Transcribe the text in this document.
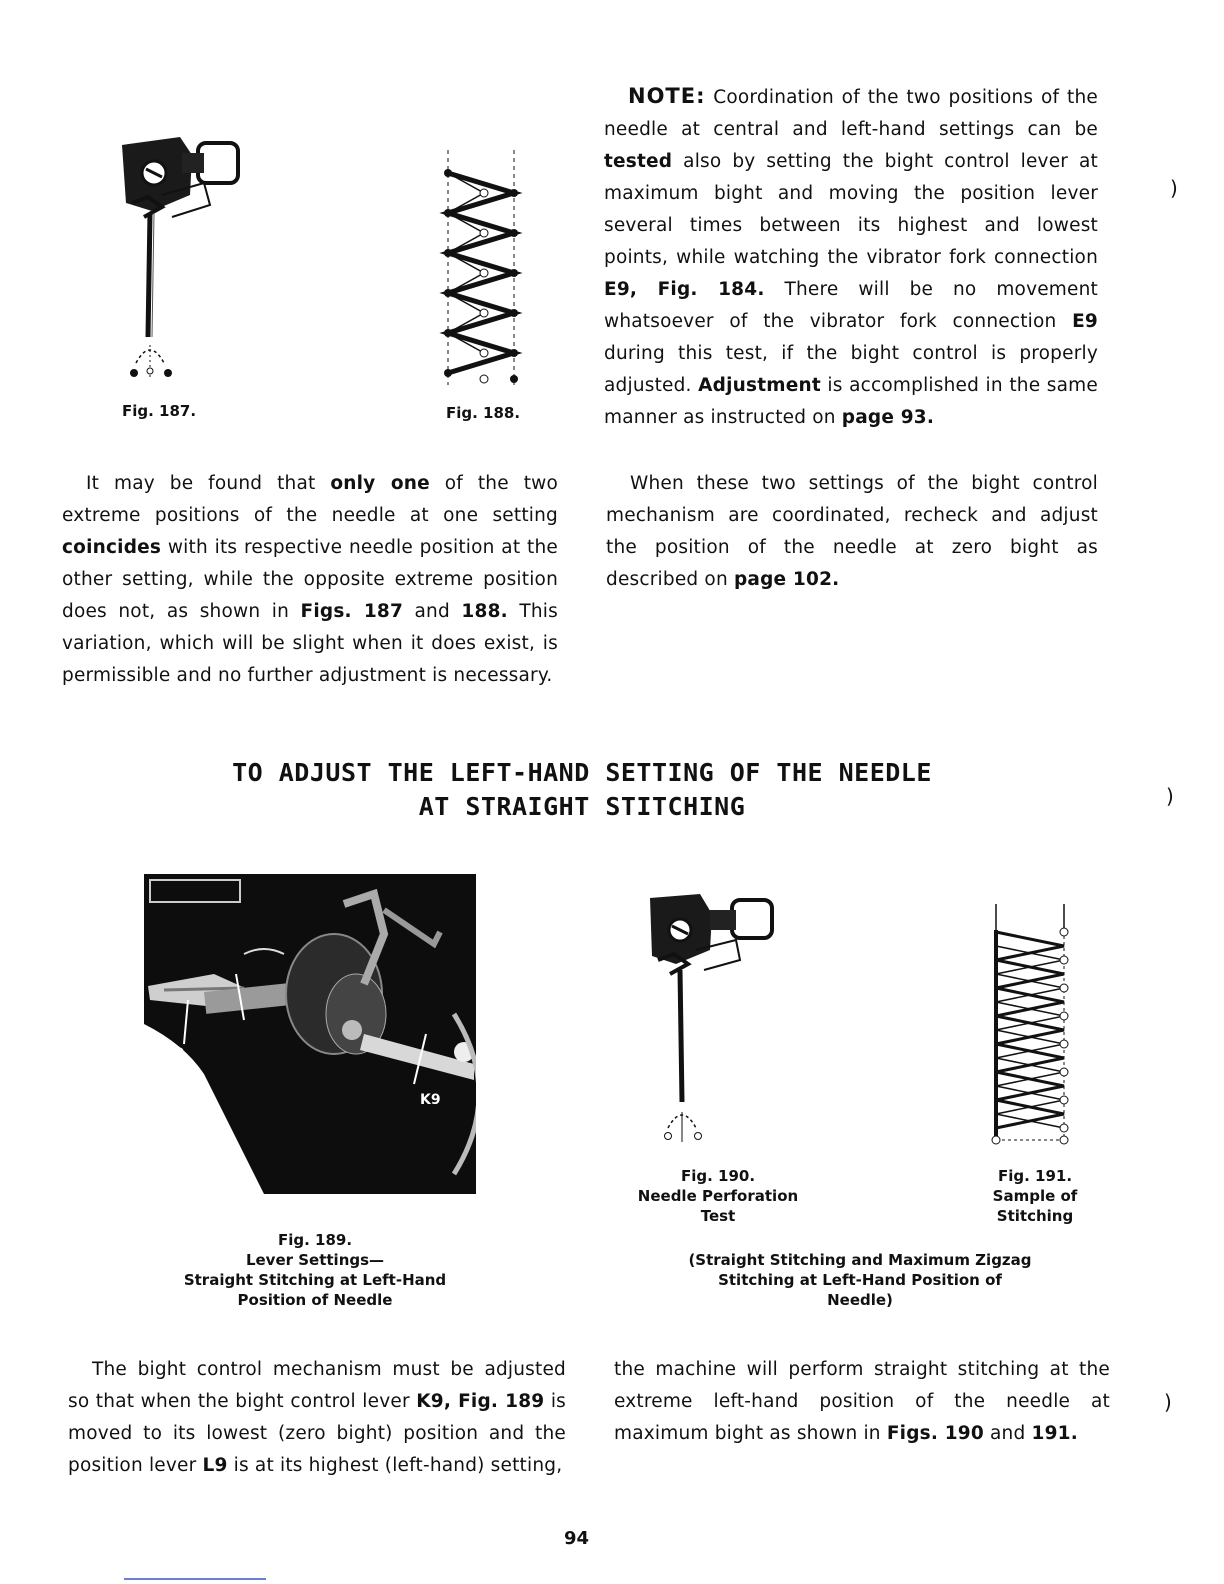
Fig. 187.	Fig. 188.

NOTE: Coordination of the two positions of the needle at central and left-hand settings can be tested also by setting the bight control lever at maximum bight and moving the position lever several times between its highest and lowest points, while watching the vibrator fork connection E9, Fig. 184. There will be no movement whatsoever of the vibrator fork connection E9 during this test, if the bight control is properly adjusted. Adjustment is accomplished in the same manner as instructed on page 93.

It may be found that only one of the two extreme positions of the needle at one setting coincides with its respective needle position at the other setting, while the opposite extreme position does not, as shown in Figs. 187 and 188. This variation, which will be slight when it does exist, is permissible and no further adjustment is necessary.

When these two settings of the bight control mechanism are coordinated, recheck and adjust the position of the needle at zero bight as described on page 102.

TO ADJUST THE LEFT-HAND SETTING OF THE NEEDLE
AT STRAIGHT STITCHING
L9
K9
Fig. 189.
Lever Settings—
Straight Stitching at Left-Hand
Position of Needle
Fig. 190.
Needle Perforation
Test
Fig. 191.
Sample of
Stitching
(Straight Stitching and Maximum Zigzag
Stitching at Left-Hand Position of
Needle)

The bight control mechanism must be adjusted so that when the bight control lever K9, Fig. 189 is moved to its lowest (zero bight) position and the position lever L9 is at its highest (left-hand) setting,

the machine will perform straight stitching at the extreme left-hand position of the needle at maximum bight as shown in Figs. 190 and 191.

94
)
)
)
